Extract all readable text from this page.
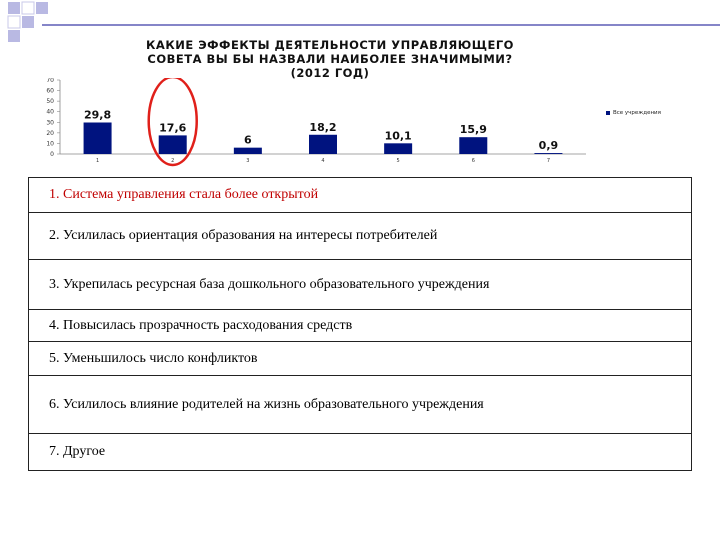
КАКИЕ ЭФФЕКТЫ ДЕЯТЕЛЬНОСТИ УПРАВЛЯЮЩЕГО
СОВЕТА ВЫ БЫ НАЗВАЛИ НАИБОЛЕЕ ЗНАЧИМЫМИ?
(2012 ГОД)
0
10
20
30
40
50
60
70
29,8
1
17,6
2
6
3
18,2
4
10,1
5
15,9
6
0,9
7
Все учреждения
1. Система управления стала более открытой
2. Усилилась ориентация образования на интересы потребителей
3. Укрепилась ресурсная база дошкольного образовательного учреждения
4. Повысилась прозрачность расходования средств
5. Уменьшилось число конфликтов
6. Усилилось влияние родителей на жизнь образовательного учреждения
7. Другое
